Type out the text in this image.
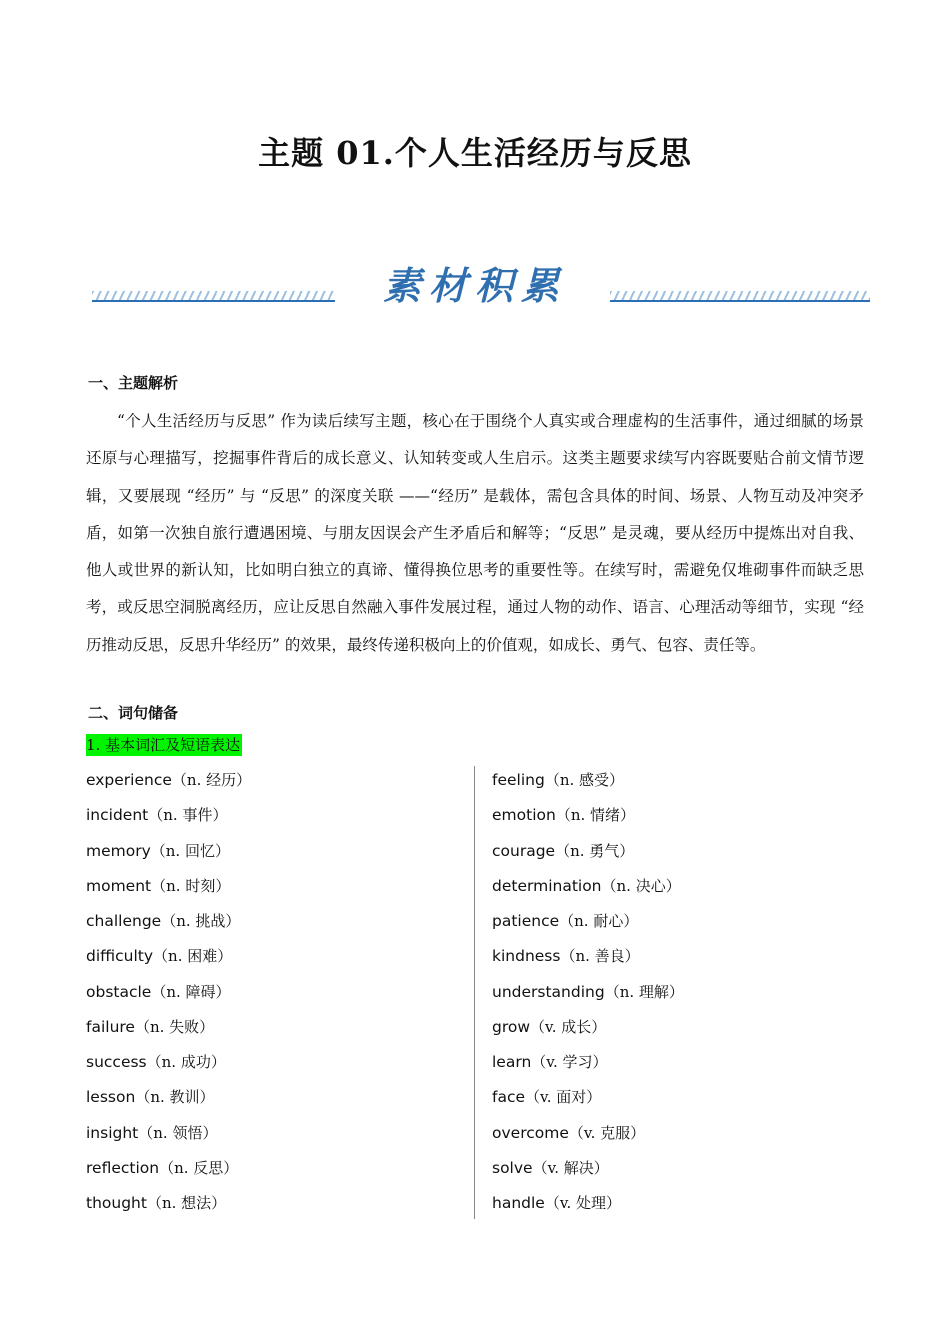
主题 01.个人生活经历与反思
素材积累
一、主题解析

“个人生活经历与反思” 作为读后续写主题，核心在于围绕个人真实或合理虚构的生活事件，通过细腻的场景还原与心理描写，挖掘事件背后的成长意义、认知转变或人生启示。这类主题要求续写内容既要贴合前文情节逻辑，又要展现 “经历” 与 “反思” 的深度关联 ——“经历” 是载体，需包含具体的时间、场景、人物互动及冲突矛盾，如第一次独自旅行遭遇困境、与朋友因误会产生矛盾后和解等；“反思” 是灵魂，要从经历中提炼出对自我、他人或世界的新认知，比如明白独立的真谛、懂得换位思考的重要性等。在续写时，需避免仅堆砌事件而缺乏思考，或反思空洞脱离经历，应让反思自然融入事件发展过程，通过人物的动作、语言、心理活动等细节，实现 “经历推动反思，反思升华经历” 的效果，最终传递积极向上的价值观，如成长、勇气、包容、责任等。

二、词句储备
1. 基本词汇及短语表达
experience（n. 经历）
incident（n. 事件）
memory（n. 回忆）
moment（n. 时刻）
challenge（n. 挑战）
difficulty（n. 困难）
obstacle（n. 障碍）
failure（n. 失败）
success（n. 成功）
lesson（n. 教训）
insight（n. 领悟）
reflection（n. 反思）
thought（n. 想法）
feeling（n. 感受）
emotion（n. 情绪）
courage（n. 勇气）
determination（n. 决心）
patience（n. 耐心）
kindness（n. 善良）
understanding（n. 理解）
grow（v. 成长）
learn（v. 学习）
face（v. 面对）
overcome（v. 克服）
solve（v. 解决）
handle（v. 处理）
